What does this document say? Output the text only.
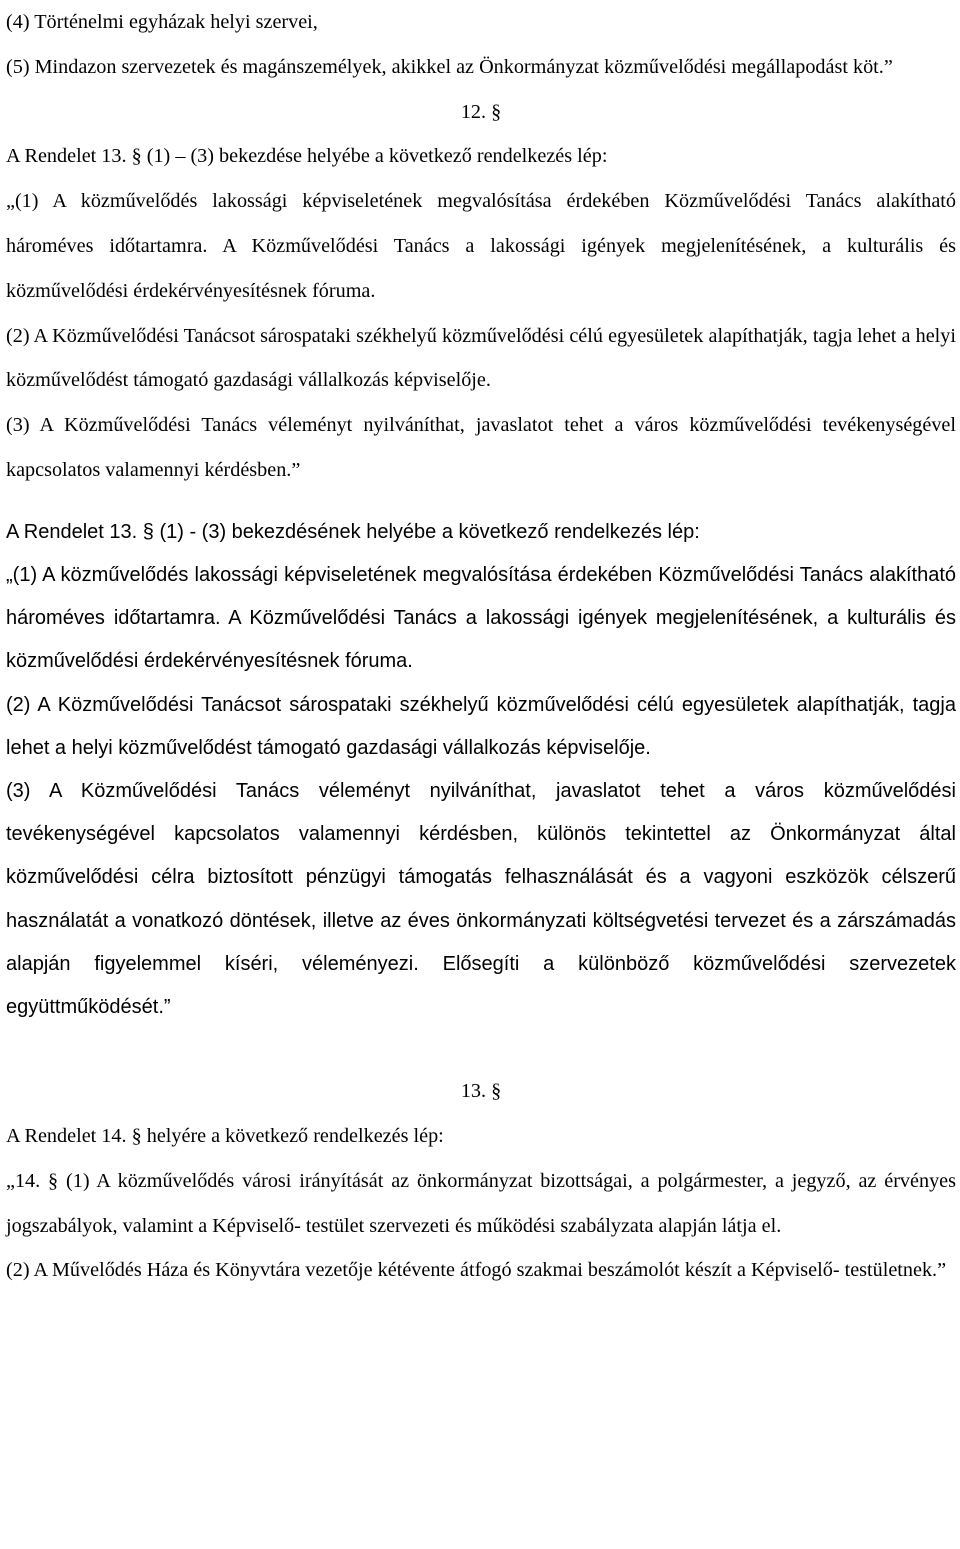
(4) Történelmi egyházak helyi szervei,

(5) Mindazon szervezetek és magánszemélyek, akikkel az Önkormányzat közművelődési megállapodást köt.”

12. §

A Rendelet 13. § (1) – (3) bekezdése helyébe a következő rendelkezés lép:

„(1) A közművelődés lakossági képviseletének megvalósítása érdekében Közművelődési Tanács alakítható hároméves időtartamra. A Közművelődési Tanács a lakossági igények megjelenítésének, a kulturális és közművelődési érdekérvényesítésnek fóruma.

(2) A Közművelődési Tanácsot sárospataki székhelyű közművelődési célú egyesületek alapíthatják, tagja lehet a helyi közművelődést támogató gazdasági vállalkozás képviselője.

(3) A Közművelődési Tanács véleményt nyilváníthat, javaslatot tehet a város közművelődési tevékenységével kapcsolatos valamennyi kérdésben.”

A Rendelet 13. § (1) - (3) bekezdésének helyébe a következő rendelkezés lép:

„(1) A közművelődés lakossági képviseletének megvalósítása érdekében Közművelődési Tanács alakítható hároméves időtartamra. A Közművelődési Tanács a lakossági igények megjelenítésének, a kulturális és közművelődési érdekérvényesítésnek fóruma.

(2) A Közművelődési Tanácsot sárospataki székhelyű közművelődési célú egyesületek alapíthatják, tagja lehet a helyi közművelődést támogató gazdasági vállalkozás képviselője.

(3) A Közművelődési Tanács véleményt nyilváníthat, javaslatot tehet a város közművelődési tevékenységével kapcsolatos valamennyi kérdésben, különös tekintettel az Önkormányzat által közművelődési célra biztosított pénzügyi támogatás felhasználását és a vagyoni eszközök célszerű használatát a vonatkozó döntések, illetve az éves önkormányzati költségvetési tervezet és a zárszámadás alapján figyelemmel kíséri, véleményezi. Elősegíti a különböző közművelődési szervezetek együttműködését.”

13. §

A Rendelet 14. § helyére a következő rendelkezés lép:

„14. § (1) A közművelődés városi irányítását az önkormányzat bizottságai, a polgármester, a jegyző, az érvényes jogszabályok, valamint a Képviselő- testület szervezeti és működési szabályzata alapján látja el.

(2) A Művelődés Háza és Könyvtára vezetője kétévente átfogó szakmai beszámolót készít a Képviselő- testületnek.”
